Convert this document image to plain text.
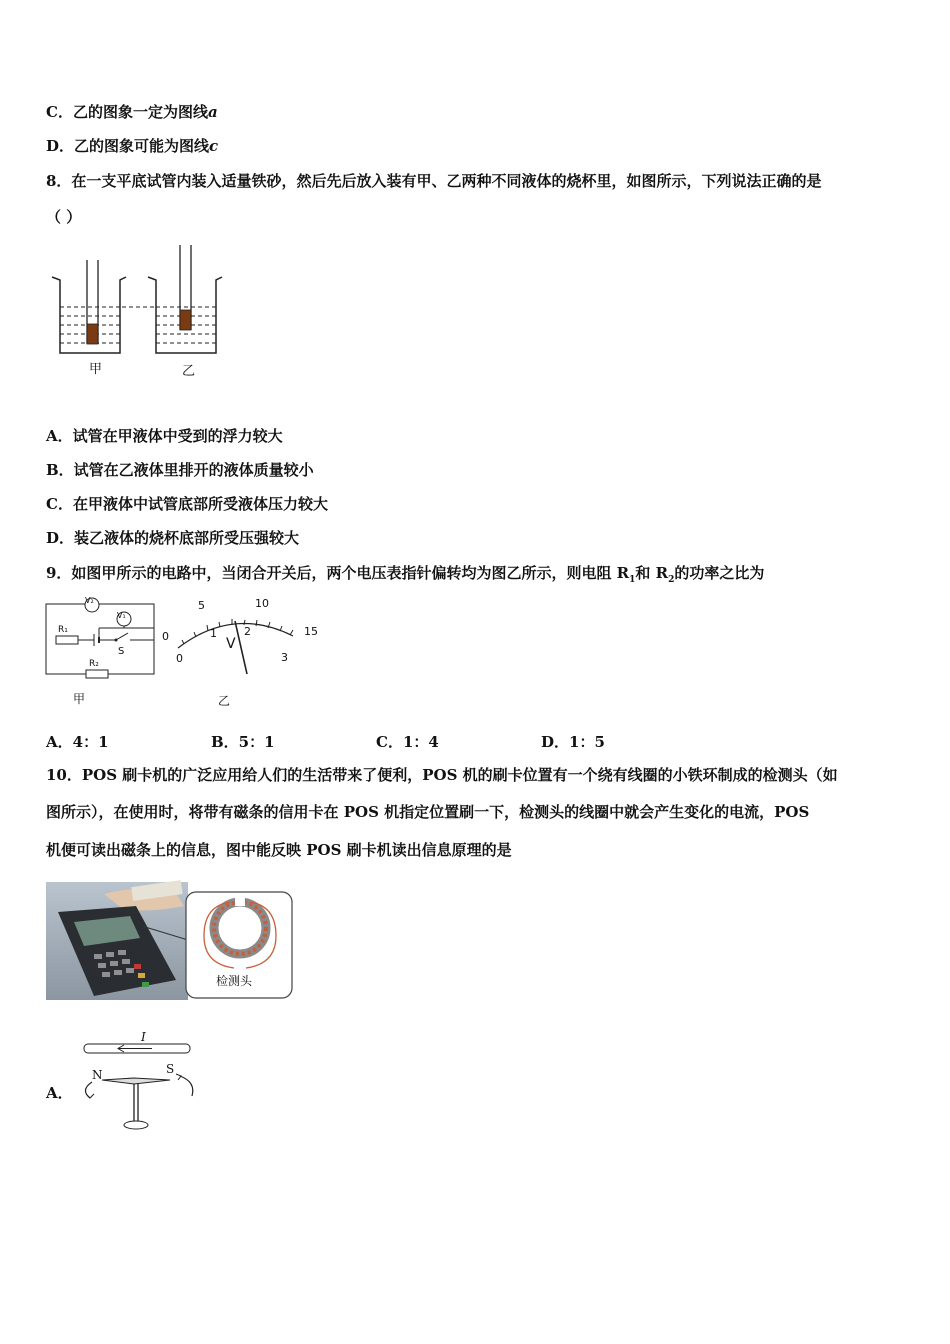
C．乙的图象一定为图线a
D．乙的图象可能为图线c
8．在一支平底试管内装入适量铁砂，然后先后放入装有甲、乙两种不同液体的烧杯里，如图所示，下列说法正确的是
（ ）
甲	乙
A．试管在甲液体中受到的浮力较大
B．试管在乙液体里排开的液体质量较小
C．在甲液体中试管底部所受液体压力较大
D．装乙液体的烧杯底部所受压强较大
9．如图甲所示的电路中，当闭合开关后，两个电压表指针偏转均为图乙所示，则电阻 $R_1$和 $R_2$的功率之比为
V₂
V₁
R₁
R₂
S
甲
0
5	10
15
0
1 2
3
V
乙
A．4：1	B．5：1	C．1：4	D．1：5
10．POS 刷卡机的广泛应用给人们的生活带来了便利，POS 机的刷卡位置有一个绕有线圈的小铁环制成的检测头（如
图所示），在使用时，将带有磁条的信用卡在 POS 机指定位置刷一下，检测头的线圈中就会产生变化的电流，POS
机便可读出磁条上的信息，图中能反映 POS 刷卡机读出信息原理的是
检测头
A．
I
N	S
